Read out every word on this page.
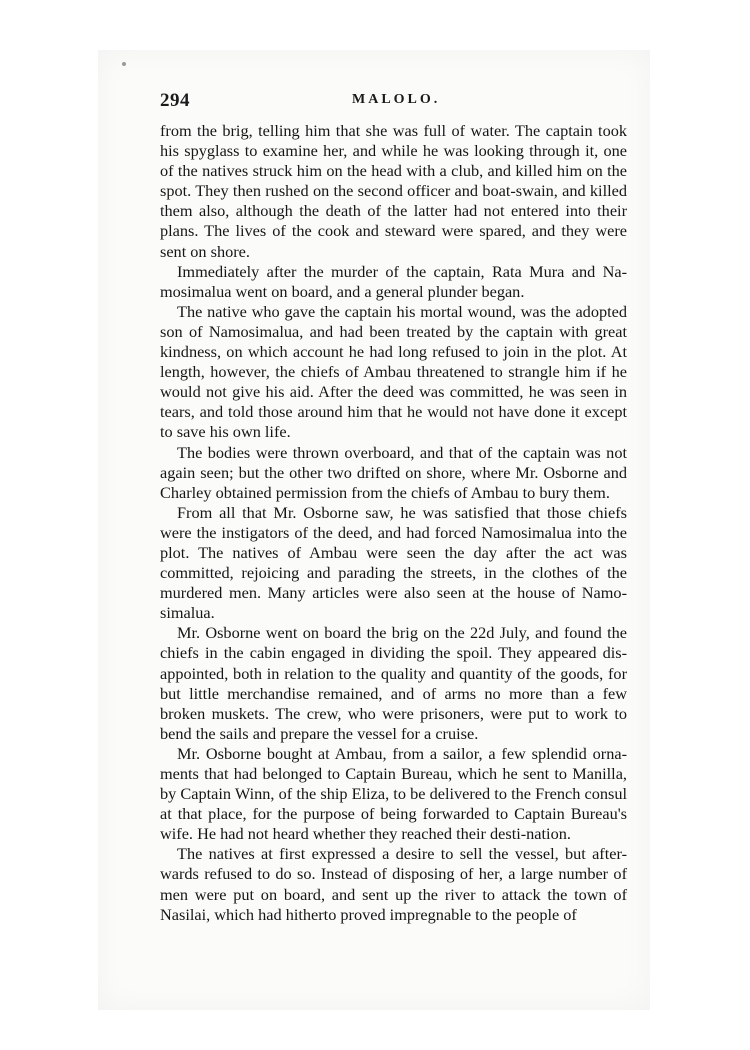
294	MALOLO.

from the brig, telling him that she was full of water. The captain took his spyglass to examine her, and while he was looking through it, one of the natives struck him on the head with a club, and killed him on the spot. They then rushed on the second officer and boat-swain, and killed them also, although the death of the latter had not entered into their plans. The lives of the cook and steward were spared, and they were sent on shore.

Immediately after the murder of the captain, Rata Mura and Na-mosimalua went on board, and a general plunder began.

The native who gave the captain his mortal wound, was the adopted son of Namosimalua, and had been treated by the captain with great kindness, on which account he had long refused to join in the plot. At length, however, the chiefs of Ambau threatened to strangle him if he would not give his aid. After the deed was committed, he was seen in tears, and told those around him that he would not have done it except to save his own life.

The bodies were thrown overboard, and that of the captain was not again seen; but the other two drifted on shore, where Mr. Osborne and Charley obtained permission from the chiefs of Ambau to bury them.

From all that Mr. Osborne saw, he was satisfied that those chiefs were the instigators of the deed, and had forced Namosimalua into the plot. The natives of Ambau were seen the day after the act was committed, rejoicing and parading the streets, in the clothes of the murdered men. Many articles were also seen at the house of Namo-simalua.

Mr. Osborne went on board the brig on the 22d July, and found the chiefs in the cabin engaged in dividing the spoil. They appeared dis-appointed, both in relation to the quality and quantity of the goods, for but little merchandise remained, and of arms no more than a few broken muskets. The crew, who were prisoners, were put to work to bend the sails and prepare the vessel for a cruise.

Mr. Osborne bought at Ambau, from a sailor, a few splendid orna-ments that had belonged to Captain Bureau, which he sent to Manilla, by Captain Winn, of the ship Eliza, to be delivered to the French consul at that place, for the purpose of being forwarded to Captain Bureau's wife. He had not heard whether they reached their desti-nation.

The natives at first expressed a desire to sell the vessel, but after-wards refused to do so. Instead of disposing of her, a large number of men were put on board, and sent up the river to attack the town of Nasilai, which had hitherto proved impregnable to the people of
